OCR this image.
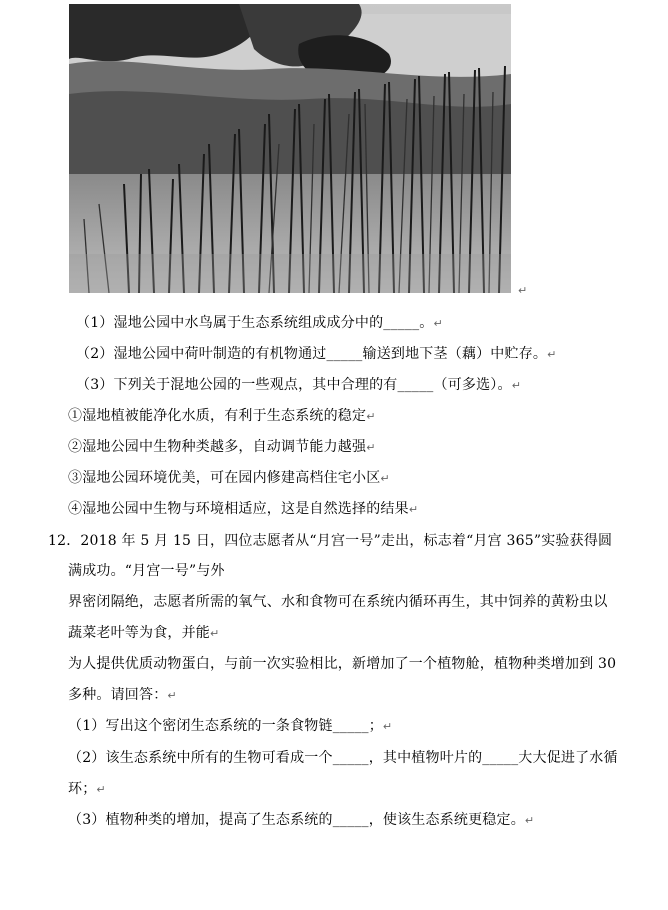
↵
（1）湿地公园中水鸟属于生态系统组成成分中的_____。↵
（2）湿地公园中荷叶制造的有机物通过_____输送到地下茎（藕）中贮存。↵
（3）下列关于混地公园的一些观点，其中合理的有_____（可多选）。↵
①湿地植被能净化水质，有利于生态系统的稳定↵
②湿地公园中生物种类越多，自动调节能力越强↵
③湿地公园环境优美，可在园内修建高档住宅小区↵
④湿地公园中生物与环境相适应，这是自然选择的结果↵
12．2018 年 5 月 15 日，四位志愿者从“月宫一号”走出，标志着“月宫 365”实验获得圆
满成功。“月宫一号”与外
界密闭隔绝，志愿者所需的氧气、水和食物可在系统内循环再生，其中饲养的黄粉虫以
蔬菜老叶等为食，并能↵
为人提供优质动物蛋白，与前一次实验相比，新增加了一个植物舱，植物种类增加到 30
多种。请回答：↵
（1）写出这个密闭生态系统的一条食物链_____；↵
（2）该生态系统中所有的生物可看成一个_____，其中植物叶片的_____大大促进了水循
环；↵
（3）植物种类的增加，提高了生态系统的_____，使该生态系统更稳定。↵
